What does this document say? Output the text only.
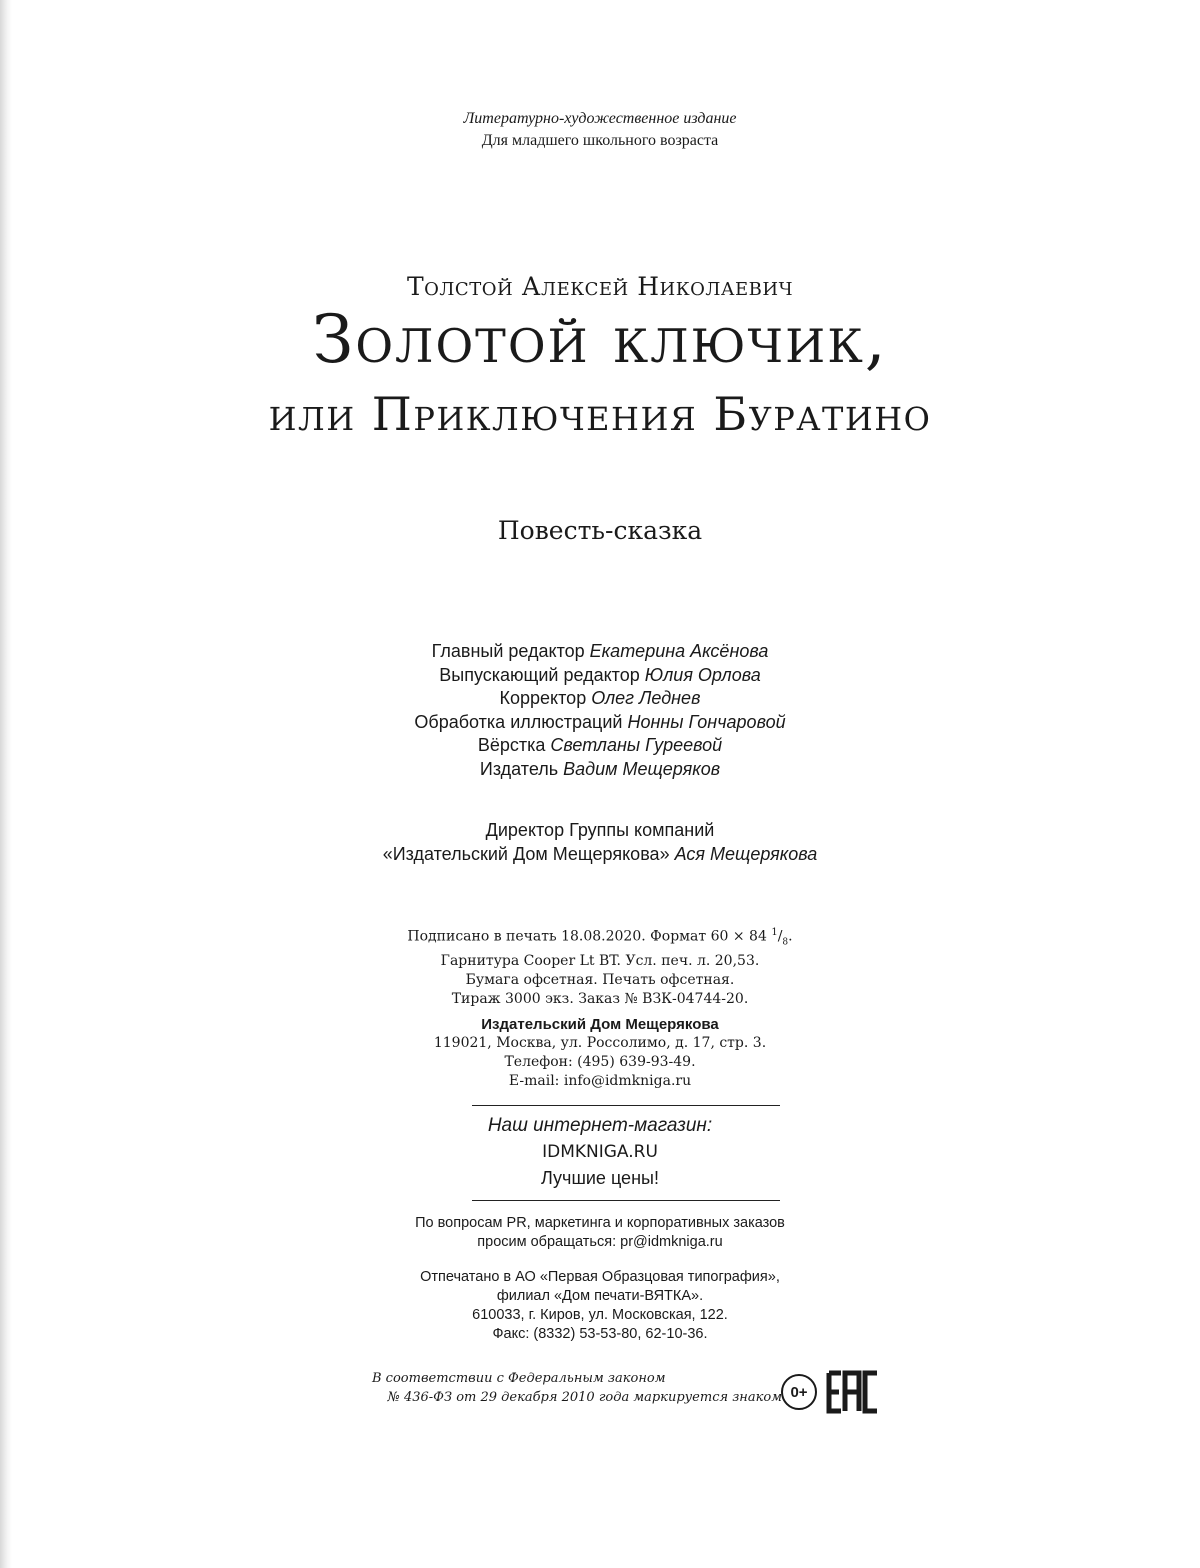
Литературно-художественное издание
Для младшего школьного возраста
Толстой Алексей Николаевич
Золотой ключик,
или Приключения Буратино
Повесть-сказка
Главный редактор Екатерина Аксёнова
Выпускающий редактор Юлия Орлова
Корректор Олег Леднев
Обработка иллюстраций Нонны Гончаровой
Вёрстка Светланы Гуреевой
Издатель Вадим Мещеряков
Директор Группы компаний
«Издательский Дом Мещерякова» Ася Мещерякова
Подписано в печать 18.08.2020. Формат 60 × 84 $^1/_8$.
Гарнитура Cooper Lt BT. Усл. печ. л. 20,53.
Бумага офсетная. Печать офсетная.
Тираж 3000 экз. Заказ № ВЗК-04744-20.
Издательский Дом Мещерякова
119021, Москва, ул. Россолимо, д. 17, стр. 3.
Телефон: (495) 639-93-49.
E-mail: info@idmkniga.ru
Наш интернет-магазин:
IDMKNIGA.RU
Лучшие цены!
По вопросам PR, маркетинга и корпоративных заказов
просим обращаться: pr@idmkniga.ru
Отпечатано в АО «Первая Образцовая типография»,
филиал «Дом печати-ВЯТКА».
610033, г. Киров, ул. Московская, 122.
Факс: (8332) 53-53-80, 62-10-36.
В соответствии с Федеральным законом
№ 436-ФЗ от 29 декабря 2010 года маркируется знаком 0+
